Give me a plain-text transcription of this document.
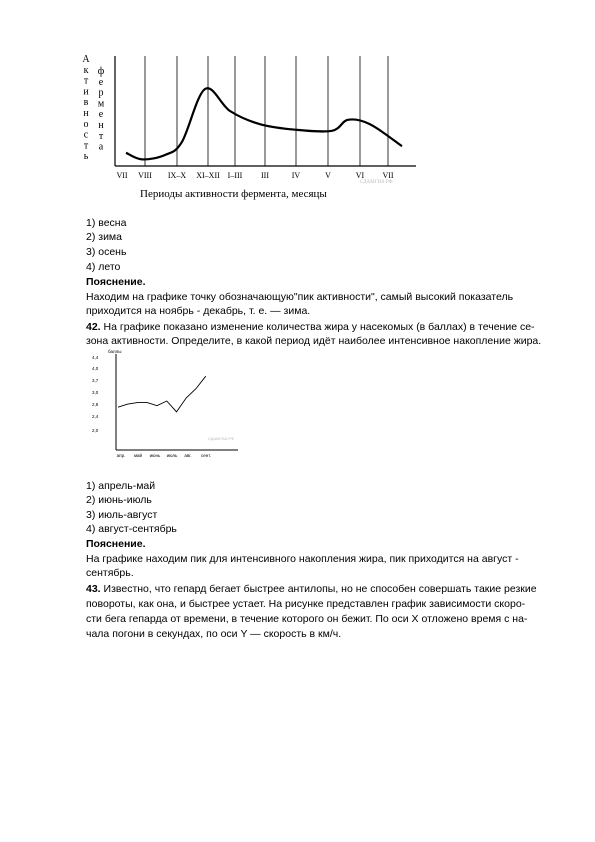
А
к
т
и
в
н
о
с
т
ь
ф
е
р
м
е
н
т
а
VII VIII IX–X XI–XII I–III III	IV	V	VI VII
СДАМГИА.РФ
Периоды активности фермента, месяцы
1) весна
2) зима
3) осень
4) лето
Пояснение.
Находим на графике точку обозначающую"пик активности", самый высокий показатель
приходится на ноябрь - декабрь, т. е. — зима.
42. На графике показано изменение количества жира у насекомых (в баллах) в течение се-
зона активности. Определите, в какой период идёт наиболее интенсивное накопление жира.
баллы
4,4
4,0
3,7
3,0
2,8
2,4
2,0
апр. май июнь июль авг. сент.
СДАМГИА.РФ
1) апрель-май
2) июнь-июль
3) июль-август
4) август-сентябрь
Пояснение.
На графике находим пик для интенсивного накопления жира, пик приходится на август -
сентябрь.
43. Известно, что гепард бегает быстрее антилопы, но не способен совершать такие резкие
повороты, как она, и быстрее устает. На рисунке представлен график зависимости скоро-
сти бега гепарда от времени, в течение которого он бежит. По оси X отложено время с на-
чала погони в секундах, по оси Y — скорость в км/ч.
